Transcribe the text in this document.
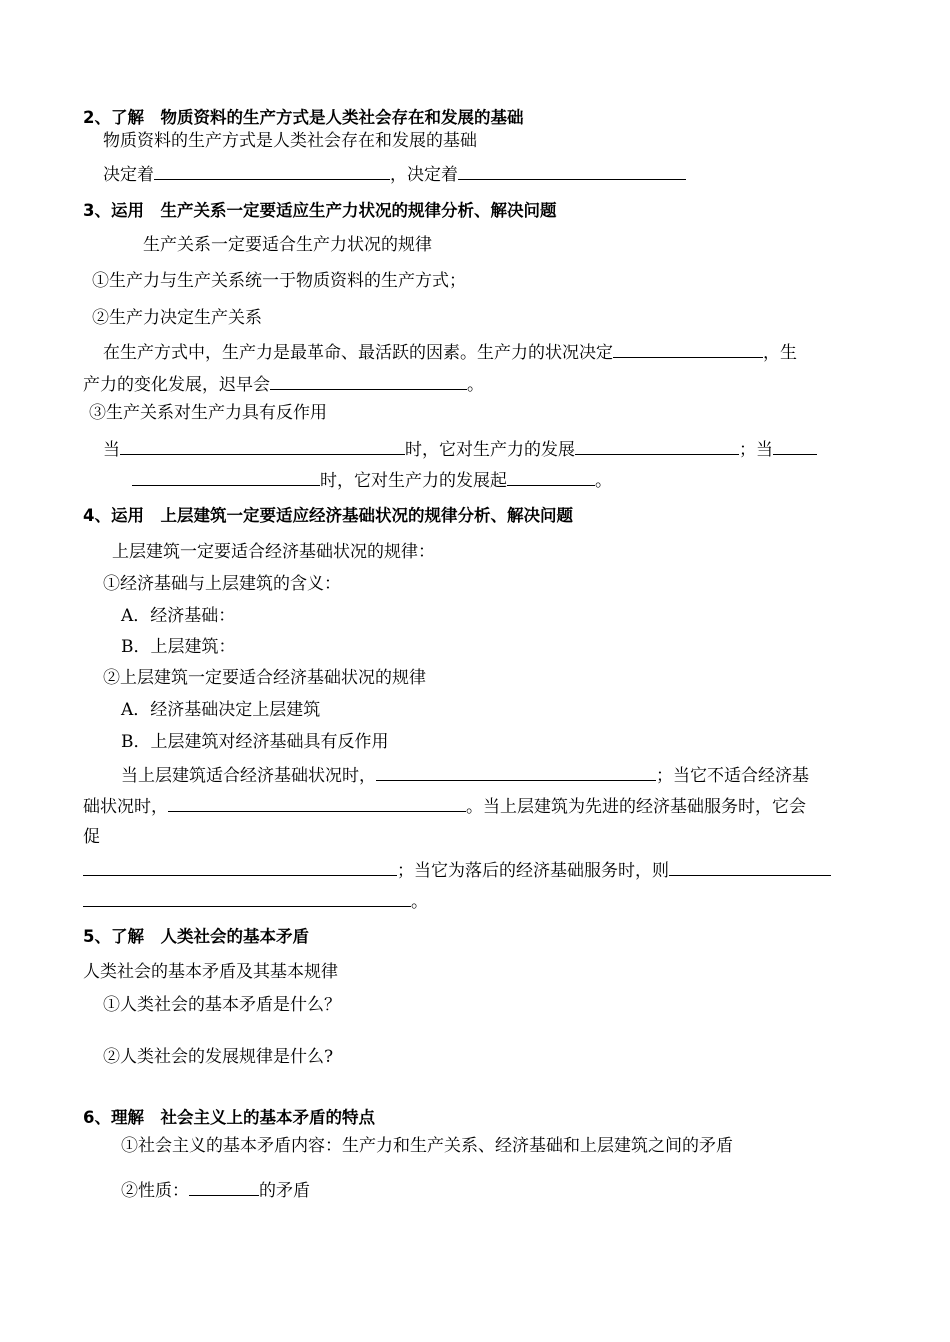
2、了解　物质资料的生产方式是人类社会存在和发展的基础
物质资料的生产方式是人类社会存在和发展的基础
决定着	，决定着
3、运用　生产关系一定要适应生产力状况的规律分析、解决问题
生产关系一定要适合生产力状况的规律
①生产力与生产关系统一于物质资料的生产方式；
②生产力决定生产关系
在生产方式中，生产力是最革命、最活跃的因素。生产力的状况决定	，生
产力的变化发展，迟早会	。
③生产关系对生产力具有反作用
当	时，它对生产力的发展	；当
时，它对生产力的发展起	。
4、运用　上层建筑一定要适应经济基础状况的规律分析、解决问题
上层建筑一定要适合经济基础状况的规律：
①经济基础与上层建筑的含义：
A．经济基础：
B．上层建筑：
②上层建筑一定要适合经济基础状况的规律
A．经济基础决定上层建筑
B．上层建筑对经济基础具有反作用
当上层建筑适合经济基础状况时，	；当它不适合经济基
础状况时，	。当上层建筑为先进的经济基础服务时，它会
促
；当它为落后的经济基础服务时，则
。
5、了解　人类社会的基本矛盾
人类社会的基本矛盾及其基本规律
①人类社会的基本矛盾是什么？
②人类社会的发展规律是什么?
6、理解　社会主义上的基本矛盾的特点
①社会主义的基本矛盾内容：生产力和生产关系、经济基础和上层建筑之间的矛盾
②性质：	的矛盾
